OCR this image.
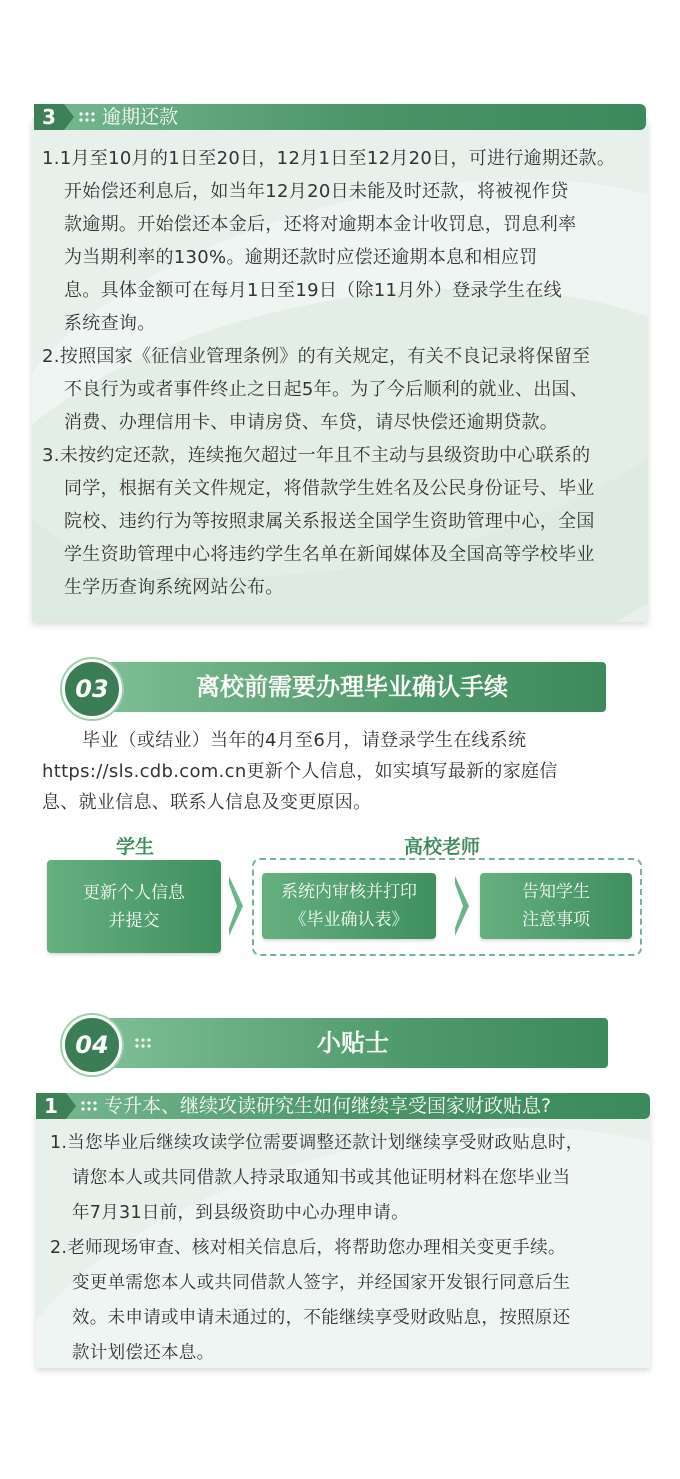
3	逾期还款
1.1月至10月的1日至20日，12月1日至12月20日，可进行逾期还款。
开始偿还利息后，如当年12月20日未能及时还款，将被视作贷
款逾期。开始偿还本金后，还将对逾期本金计收罚息，罚息利率
为当期利率的130%。逾期还款时应偿还逾期本息和相应罚
息。具体金额可在每月1日至19日（除11月外）登录学生在线
系统查询。
2.按照国家《征信业管理条例》的有关规定，有关不良记录将保留至
不良行为或者事件终止之日起5年。为了今后顺利的就业、出国、
消费、办理信用卡、申请房贷、车贷，请尽快偿还逾期贷款。
3.未按约定还款，连续拖欠超过一年且不主动与县级资助中心联系的
同学，根据有关文件规定，将借款学生姓名及公民身份证号、毕业
院校、违约行为等按照隶属关系报送全国学生资助管理中心，全国
学生资助管理中心将违约学生名单在新闻媒体及全国高等学校毕业
生学历查询系统网站公布。
03	离校前需要办理毕业确认手续
毕业（或结业）当年的4月至6月，请登录学生在线系统
https://sls.cdb.com.cn更新个人信息，如实填写最新的家庭信
息、就业信息、联系人信息及变更原因。
学生	高校老师
更新个人信息
并提交
系统内审核并打印
《毕业确认表》
告知学生
注意事项
04	小贴士
1	专升本、继续攻读研究生如何继续享受国家财政贴息?
1.当您毕业后继续攻读学位需要调整还款计划继续享受财政贴息时，
请您本人或共同借款人持录取通知书或其他证明材料在您毕业当
年7月31日前，到县级资助中心办理申请。
2.老师现场审查、核对相关信息后，将帮助您办理相关变更手续。
变更单需您本人或共同借款人签字，并经国家开发银行同意后生
效。未申请或申请未通过的，不能继续享受财政贴息，按照原还
款计划偿还本息。
